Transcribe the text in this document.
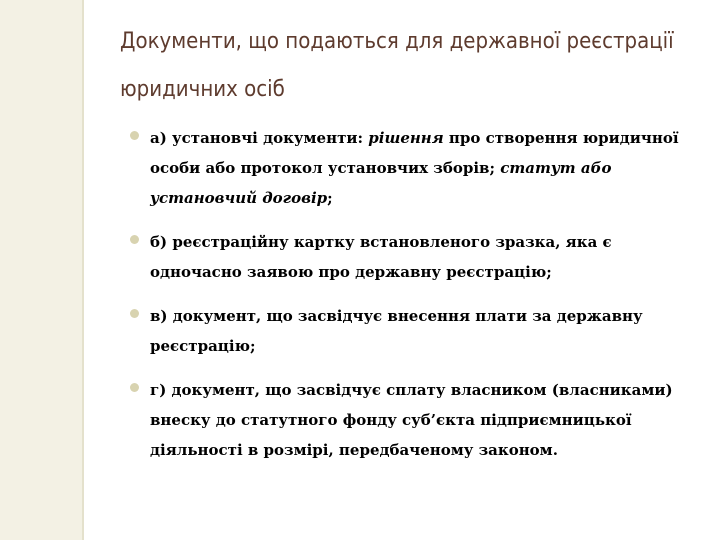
Документи, що подаються для державної реєстрації юридичних осіб
а) установчі документи: рішення про створення юридичної особи або протокол установчих зборів; статут або установчий договір;
б) реєстраційну картку встановленого зразка, яка є одночасно заявою про державну реєстрацію;
в) документ, що засвідчує внесення плати за державну реєстрацію;
г) документ, що засвідчує сплату власником (власниками) внеску до статутного фонду суб’єкта підприємницької діяльності в розмірі, передбаченому законом.
